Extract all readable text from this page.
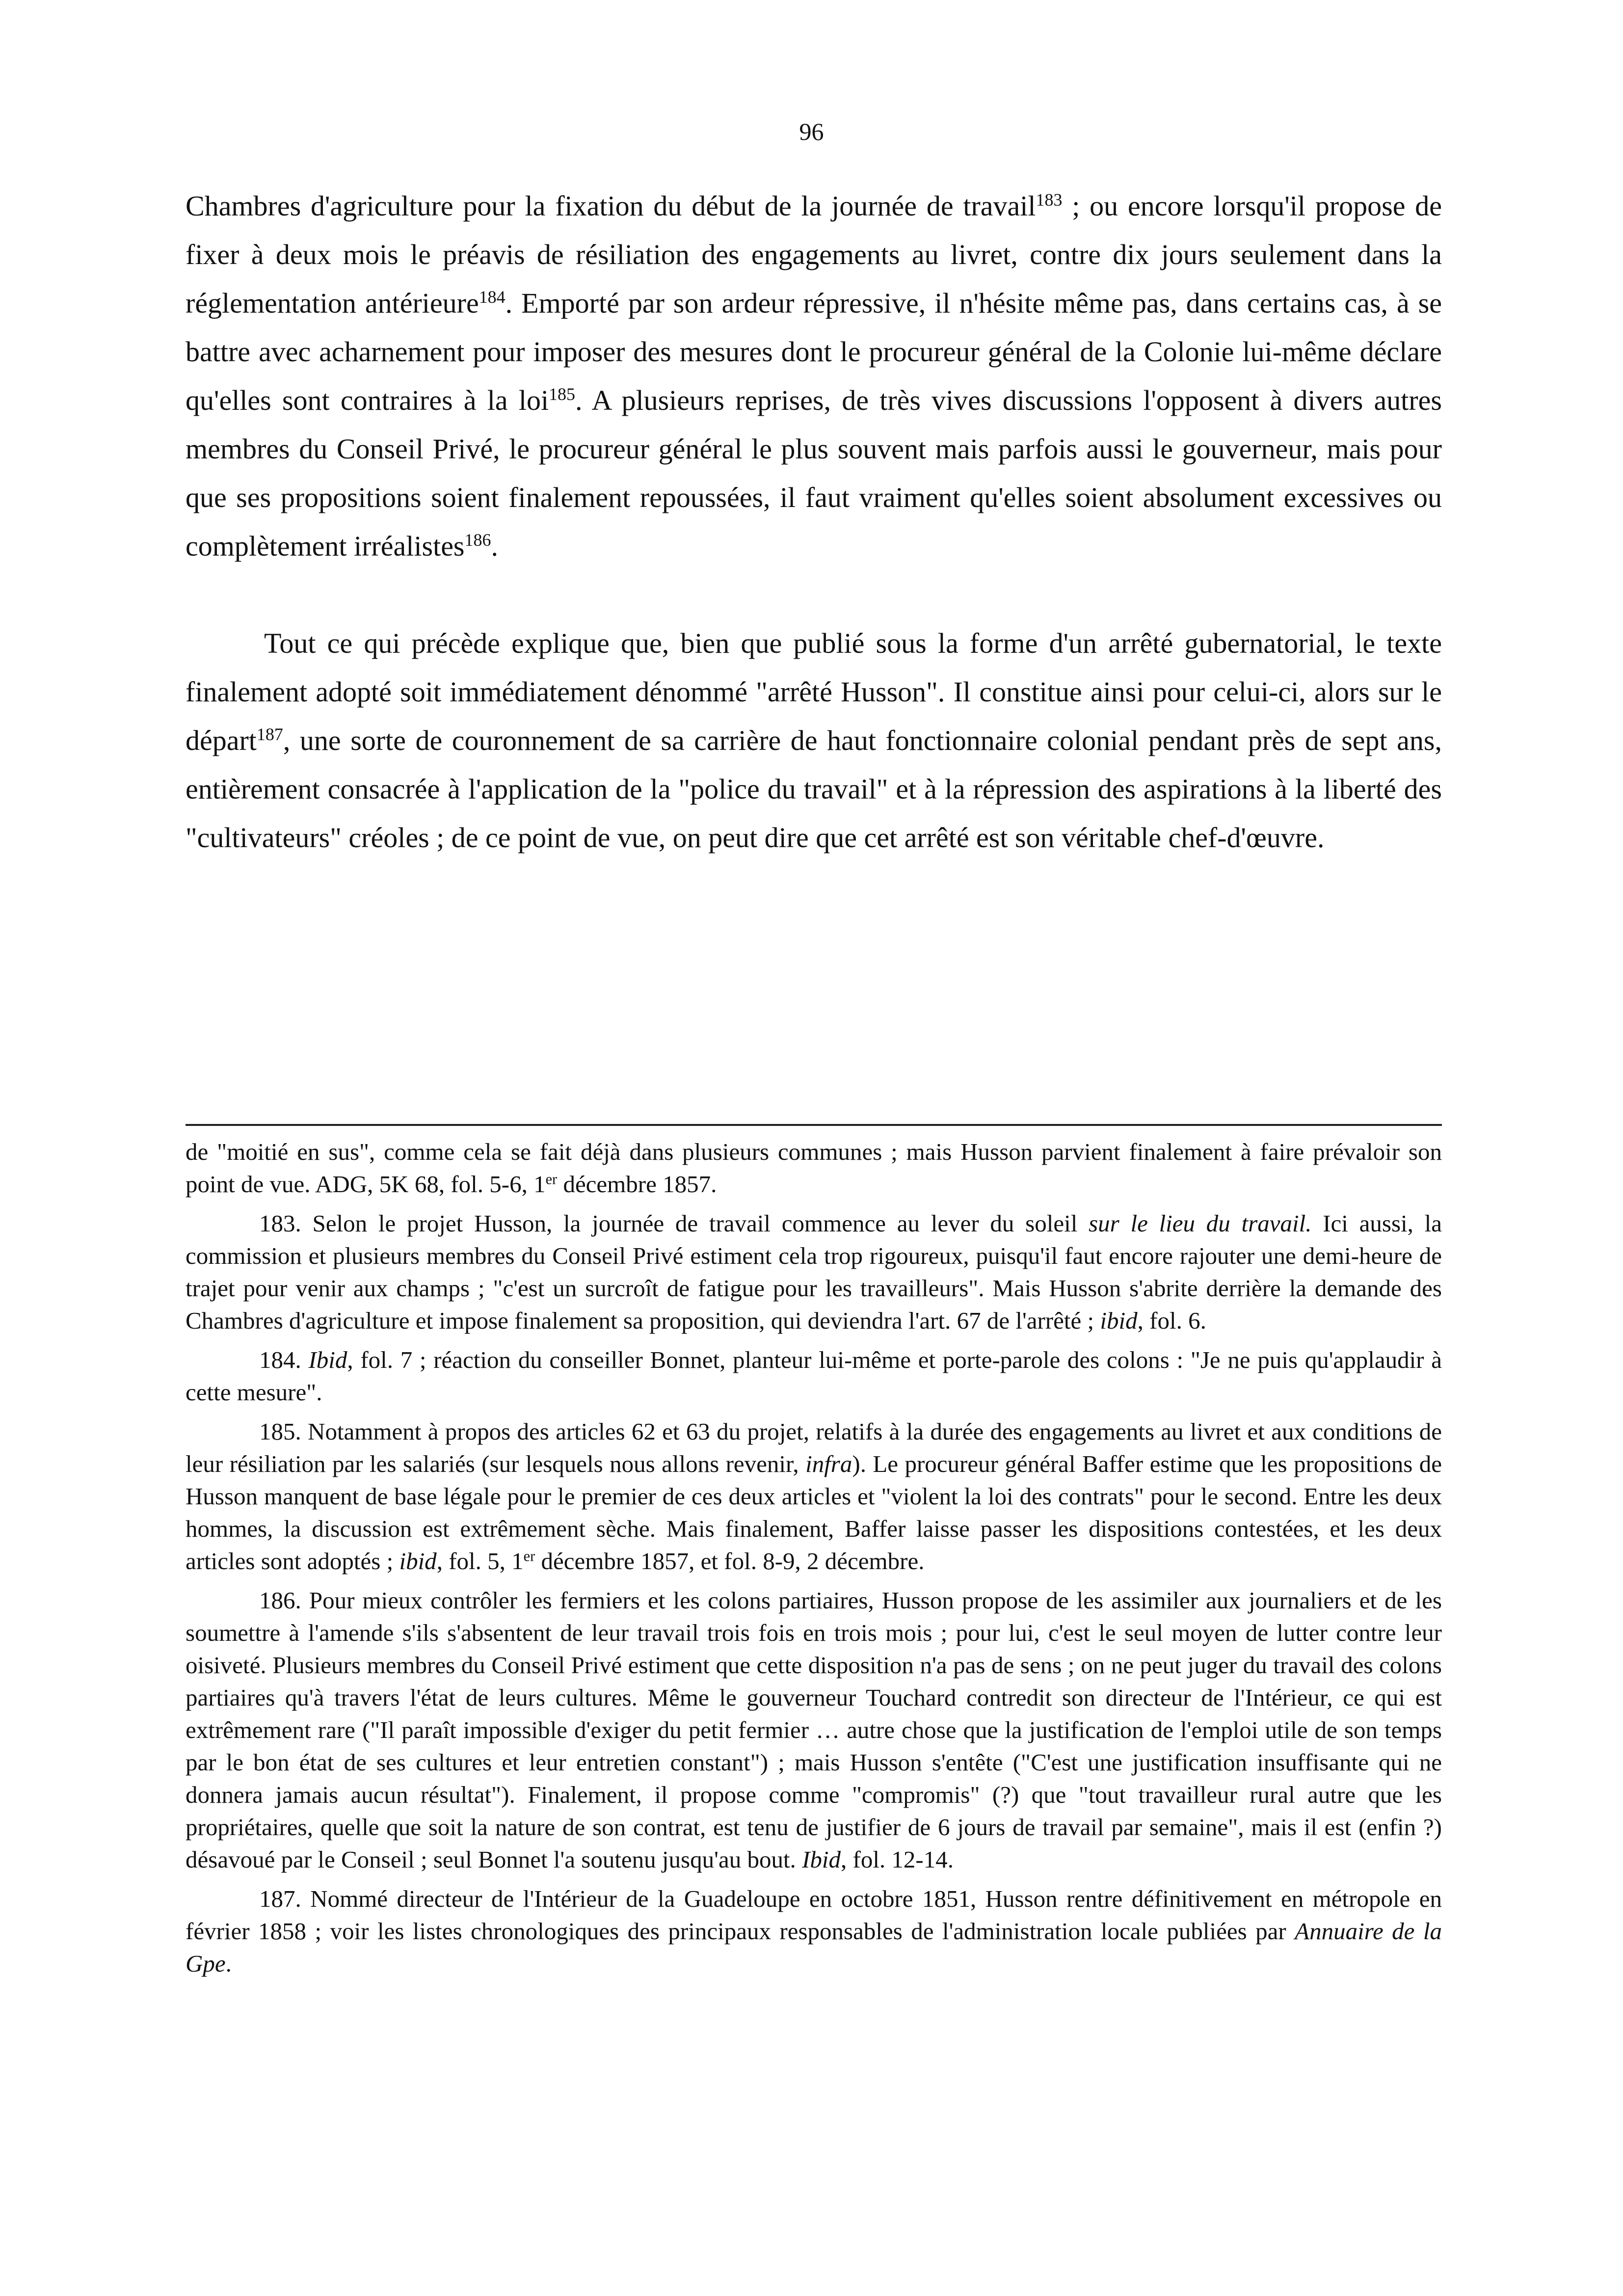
96

Chambres d'agriculture pour la fixation du début de la journée de travail$^{183}$ ; ou encore lorsqu'il propose de fixer à deux mois le préavis de résiliation des engagements au livret, contre dix jours seulement dans la réglementation antérieure$^{184}$. Emporté par son ardeur répressive, il n'hésite même pas, dans certains cas, à se battre avec acharnement pour imposer des mesures dont le procureur général de la Colonie lui-même déclare qu'elles sont contraires à la loi$^{185}$. A plusieurs reprises, de très vives discussions l'opposent à divers autres membres du Conseil Privé, le procureur général le plus souvent mais parfois aussi le gouverneur, mais pour que ses propositions soient finalement repoussées, il faut vraiment qu'elles soient absolument excessives ou complètement irréalistes$^{186}$.

Tout ce qui précède explique que, bien que publié sous la forme d'un arrêté gubernatorial, le texte finalement adopté soit immédiatement dénommé "arrêté Husson". Il constitue ainsi pour celui-ci, alors sur le départ$^{187}$, une sorte de couronnement de sa carrière de haut fonctionnaire colonial pendant près de sept ans, entièrement consacrée à l'application de la "police du travail" et à la répression des aspirations à la liberté des "cultivateurs" créoles ; de ce point de vue, on peut dire que cet arrêté est son véritable chef-d'œuvre.

de "moitié en sus", comme cela se fait déjà dans plusieurs communes ; mais Husson parvient finalement à faire prévaloir son point de vue. ADG, 5K 68, fol. 5-6, 1er décembre 1857.

183. Selon le projet Husson, la journée de travail commence au lever du soleil sur le lieu du travail. Ici aussi, la commission et plusieurs membres du Conseil Privé estiment cela trop rigoureux, puisqu'il faut encore rajouter une demi-heure de trajet pour venir aux champs ; "c'est un surcroît de fatigue pour les travailleurs". Mais Husson s'abrite derrière la demande des Chambres d'agriculture et impose finalement sa proposition, qui deviendra l'art. 67 de l'arrêté ; ibid, fol. 6.

184. Ibid, fol. 7 ; réaction du conseiller Bonnet, planteur lui-même et porte-parole des colons : "Je ne puis qu'applaudir à cette mesure".

185. Notamment à propos des articles 62 et 63 du projet, relatifs à la durée des engagements au livret et aux conditions de leur résiliation par les salariés (sur lesquels nous allons revenir, infra). Le procureur général Baffer estime que les propositions de Husson manquent de base légale pour le premier de ces deux articles et "violent la loi des contrats" pour le second. Entre les deux hommes, la discussion est extrêmement sèche. Mais finalement, Baffer laisse passer les dispositions contestées, et les deux articles sont adoptés ; ibid, fol. 5, 1er décembre 1857, et fol. 8-9, 2 décembre.

186. Pour mieux contrôler les fermiers et les colons partiaires, Husson propose de les assimiler aux journaliers et de les soumettre à l'amende s'ils s'absentent de leur travail trois fois en trois mois ; pour lui, c'est le seul moyen de lutter contre leur oisiveté. Plusieurs membres du Conseil Privé estiment que cette disposition n'a pas de sens ; on ne peut juger du travail des colons partiaires qu'à travers l'état de leurs cultures. Même le gouverneur Touchard contredit son directeur de l'Intérieur, ce qui est extrêmement rare ("Il paraît impossible d'exiger du petit fermier … autre chose que la justification de l'emploi utile de son temps par le bon état de ses cultures et leur entretien constant") ; mais Husson s'entête ("C'est une justification insuffisante qui ne donnera jamais aucun résultat"). Finalement, il propose comme "compromis" (?) que "tout travailleur rural autre que les propriétaires, quelle que soit la nature de son contrat, est tenu de justifier de 6 jours de travail par semaine", mais il est (enfin ?) désavoué par le Conseil ; seul Bonnet l'a soutenu jusqu'au bout. Ibid, fol. 12-14.

187. Nommé directeur de l'Intérieur de la Guadeloupe en octobre 1851, Husson rentre définitivement en métropole en février 1858 ; voir les listes chronologiques des principaux responsables de l'administration locale publiées par Annuaire de la Gpe.
